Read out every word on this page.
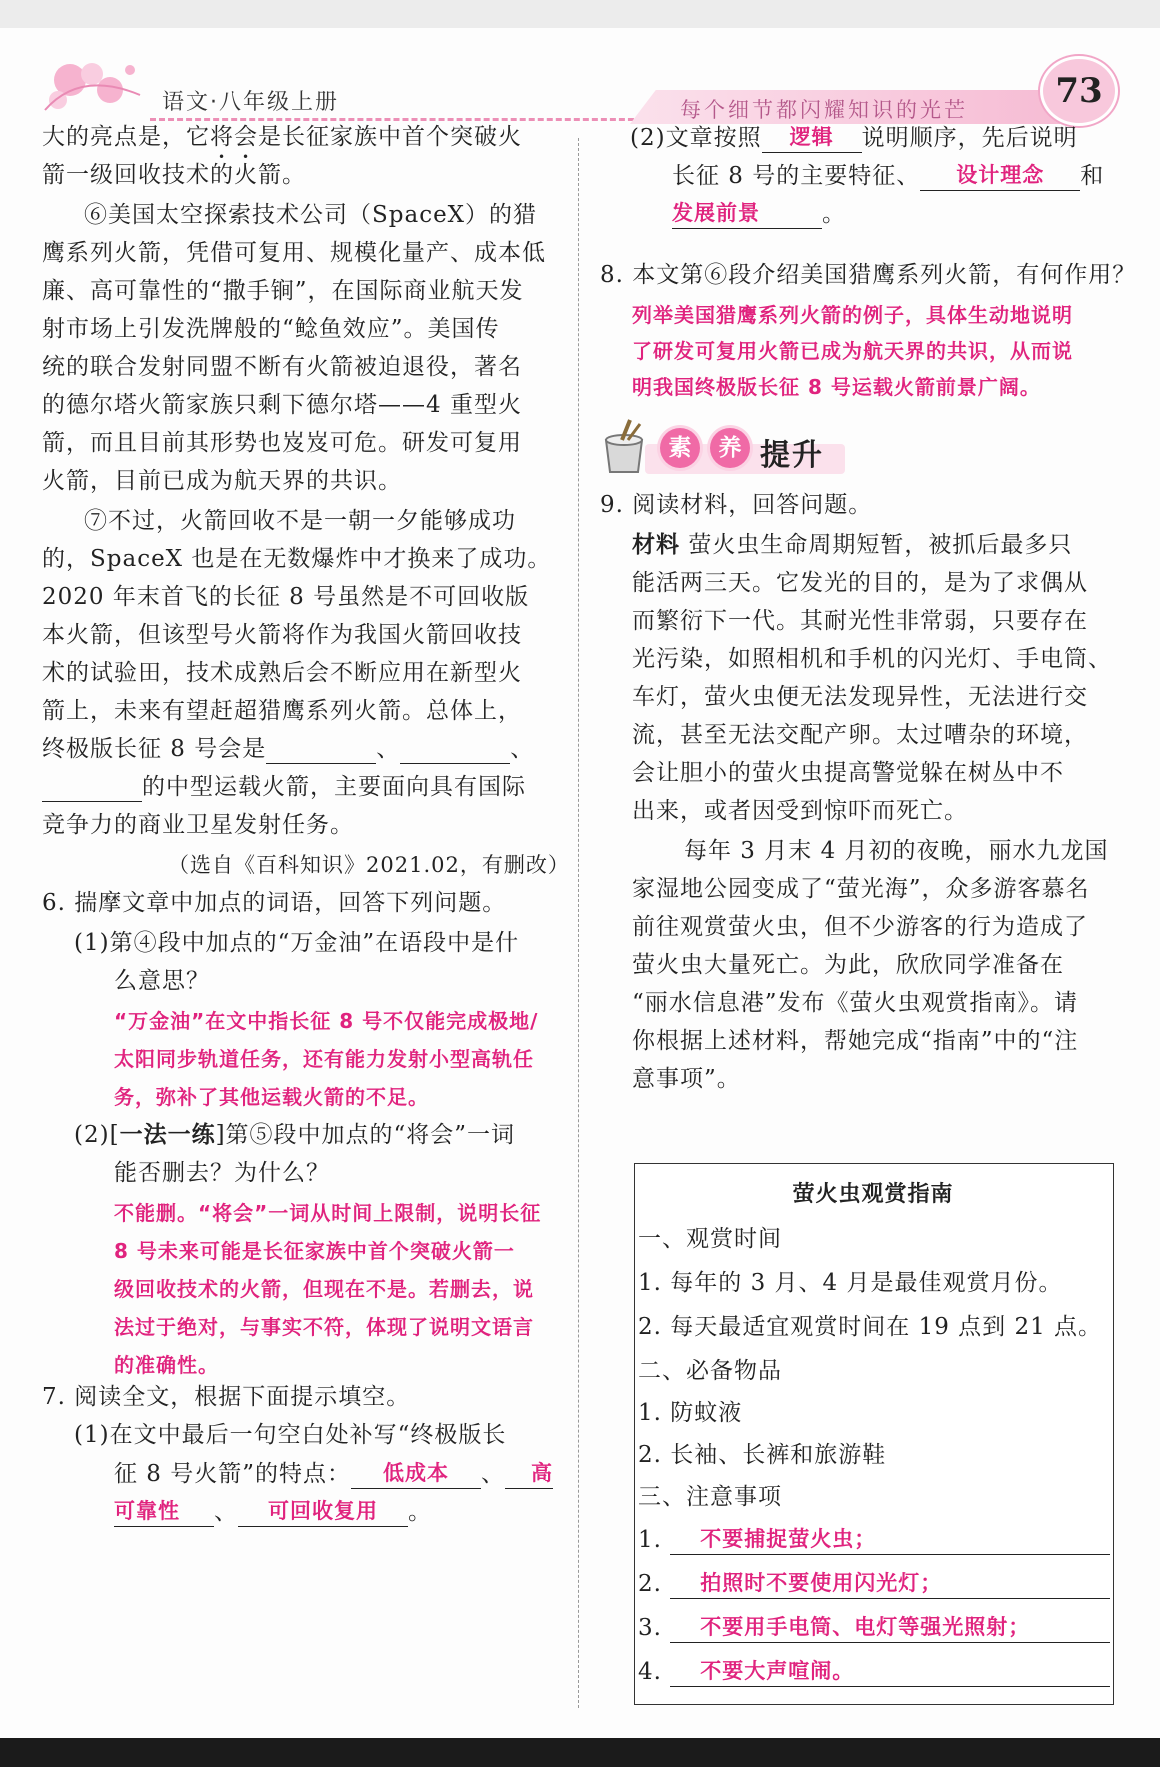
语文·八年级上册	每个细节都闪耀知识的光芒	73
大的亮点是，它将会是长征家族中首个突破火
箭一级回收技术的火箭。
⑥美国太空探索技术公司（SpaceX）的猎
鹰系列火箭，凭借可复用、规模化量产、成本低
廉、高可靠性的“撒手锏”，在国际商业航天发
射市场上引发洗牌般的“鲶鱼效应”。美国传
统的联合发射同盟不断有火箭被迫退役，著名
的德尔塔火箭家族只剩下德尔塔——4 重型火
箭，而且目前其形势也岌岌可危。研发可复用
火箭，目前已成为航天界的共识。
⑦不过，火箭回收不是一朝一夕能够成功
的，SpaceX 也是在无数爆炸中才换来了成功。
2020 年末首飞的长征 8 号虽然是不可回收版
本火箭，但该型号火箭将作为我国火箭回收技
术的试验田，技术成熟后会不断应用在新型火
箭上，未来有望赶超猎鹰系列火箭。总体上，
终极版长征 8 号会是	、	、
的中型运载火箭，主要面向具有国际
竞争力的商业卫星发射任务。
（选自《百科知识》2021.02，有删改）
6. 揣摩文章中加点的词语，回答下列问题。
(1)第④段中加点的“万金油”在语段中是什
么意思？
“万金油”在文中指长征 8 号不仅能完成极地/
太阳同步轨道任务，还有能力发射小型高轨任
务，弥补了其他运载火箭的不足。
(2)[一法一练]第⑤段中加点的“将会”一词
能否删去？为什么？
不能删。“将会”一词从时间上限制，说明长征
8 号未来可能是长征家族中首个突破火箭一
级回收技术的火箭，但现在不是。若删去，说
法过于绝对，与事实不符，体现了说明文语言
的准确性。
7. 阅读全文，根据下面提示填空。
(1)在文中最后一句空白处补写“终极版长
征 8 号火箭”的特点： 低成本 、 高
可靠性 、 可回收复用 。
(2)文章按照 逻辑 说明顺序，先后说明
长征 8 号的主要特征、 设计理念 和
发展前景	。
8. 本文第⑥段介绍美国猎鹰系列火箭，有何作用？
列举美国猎鹰系列火箭的例子，具体生动地说明
了研发可复用火箭已成为航天界的共识，从而说
明我国终极版长征 8 号运载火箭前景广阔。
素	养 提升
9. 阅读材料，回答问题。
材料 萤火虫生命周期短暂，被抓后最多只
能活两三天。它发光的目的，是为了求偶从
而繁衍下一代。其耐光性非常弱，只要存在
光污染，如照相机和手机的闪光灯、手电筒、
车灯，萤火虫便无法发现异性，无法进行交
流，甚至无法交配产卵。太过嘈杂的环境，
会让胆小的萤火虫提高警觉躲在树丛中不
出来，或者因受到惊吓而死亡。
每年 3 月末 4 月初的夜晚，丽水九龙国
家湿地公园变成了“萤光海”，众多游客慕名
前往观赏萤火虫，但不少游客的行为造成了
萤火虫大量死亡。为此，欣欣同学准备在
“丽水信息港”发布《萤火虫观赏指南》。请
你根据上述材料，帮她完成“指南”中的“注
意事项”。
萤火虫观赏指南
一、观赏时间
1. 每年的 3 月、4 月是最佳观赏月份。
2. 每天最适宜观赏时间在 19 点到 21 点。
二、必备物品
1. 防蚊液
2. 长袖、长裤和旅游鞋
三、注意事项
1. 不要捕捉萤火虫；
2. 拍照时不要使用闪光灯；
3. 不要用手电筒、电灯等强光照射；
4. 不要大声喧闹。
